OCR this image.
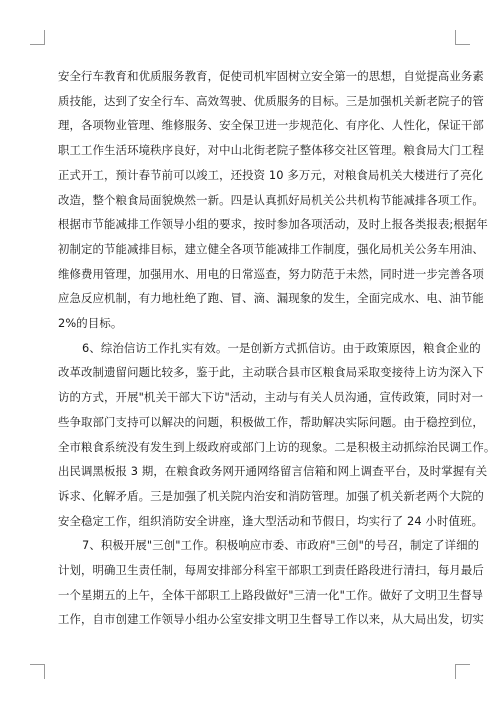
安全行车教育和优质服务教育，促使司机牢固树立安全第一的思想，自觉提高业务素
质技能，达到了安全行车、高效驾驶、优质服务的目标。三是加强机关新老院子的管
理，各项物业管理、维修服务、安全保卫进一步规范化、有序化、人性化，保证干部
职工工作生活环境秩序良好，对中山北街老院子整体移交社区管理。粮食局大门工程
正式开工，预计春节前可以竣工，还投资 10 多万元，对粮食局机关大楼进行了亮化
改造，整个粮食局面貌焕然一新。四是认真抓好局机关公共机构节能减排各项工作。
根据市节能减排工作领导小组的要求，按时参加各项活动，及时上报各类报表;根据年
初制定的节能减排目标，建立健全各项节能减排工作制度，强化局机关公务车用油、
维修费用管理，加强用水、用电的日常巡查，努力防范于未然，同时进一步完善各项
应急反应机制，有力地杜绝了跑、冒、滴、漏现象的发生，全面完成水、电、油节能
2%的目标。
6、综治信访工作扎实有效。一是创新方式抓信访。由于政策原因，粮食企业的
改革改制遗留问题比较多，鉴于此，主动联合县市区粮食局采取变接待上访为深入下
访的方式，开展"机关干部大下访"活动，主动与有关人员沟通，宣传政策，同时对一
些争取部门支持可以解决的问题，积极做工作，帮助解决实际问题。由于稳控到位，
全市粮食系统没有发生到上级政府或部门上访的现象。二是积极主动抓综治民调工作。
出民调黑板报 3 期，在粮食政务网开通网络留言信箱和网上调查平台，及时掌握有关
诉求、化解矛盾。三是加强了机关院内治安和消防管理。加强了机关新老两个大院的
安全稳定工作，组织消防安全讲座，逢大型活动和节假日，均实行了 24 小时值班。
7、积极开展"三创"工作。积极响应市委、市政府"三创"的号召，制定了详细的
计划，明确卫生责任制，每周安排部分科室干部职工到责任路段进行清扫，每月最后
一个星期五的上午，全体干部职工上路段做好"三清一化"工作。做好了文明卫生督导
工作，自市创建工作领导小组办公室安排文明卫生督导工作以来，从大局出发，切实
